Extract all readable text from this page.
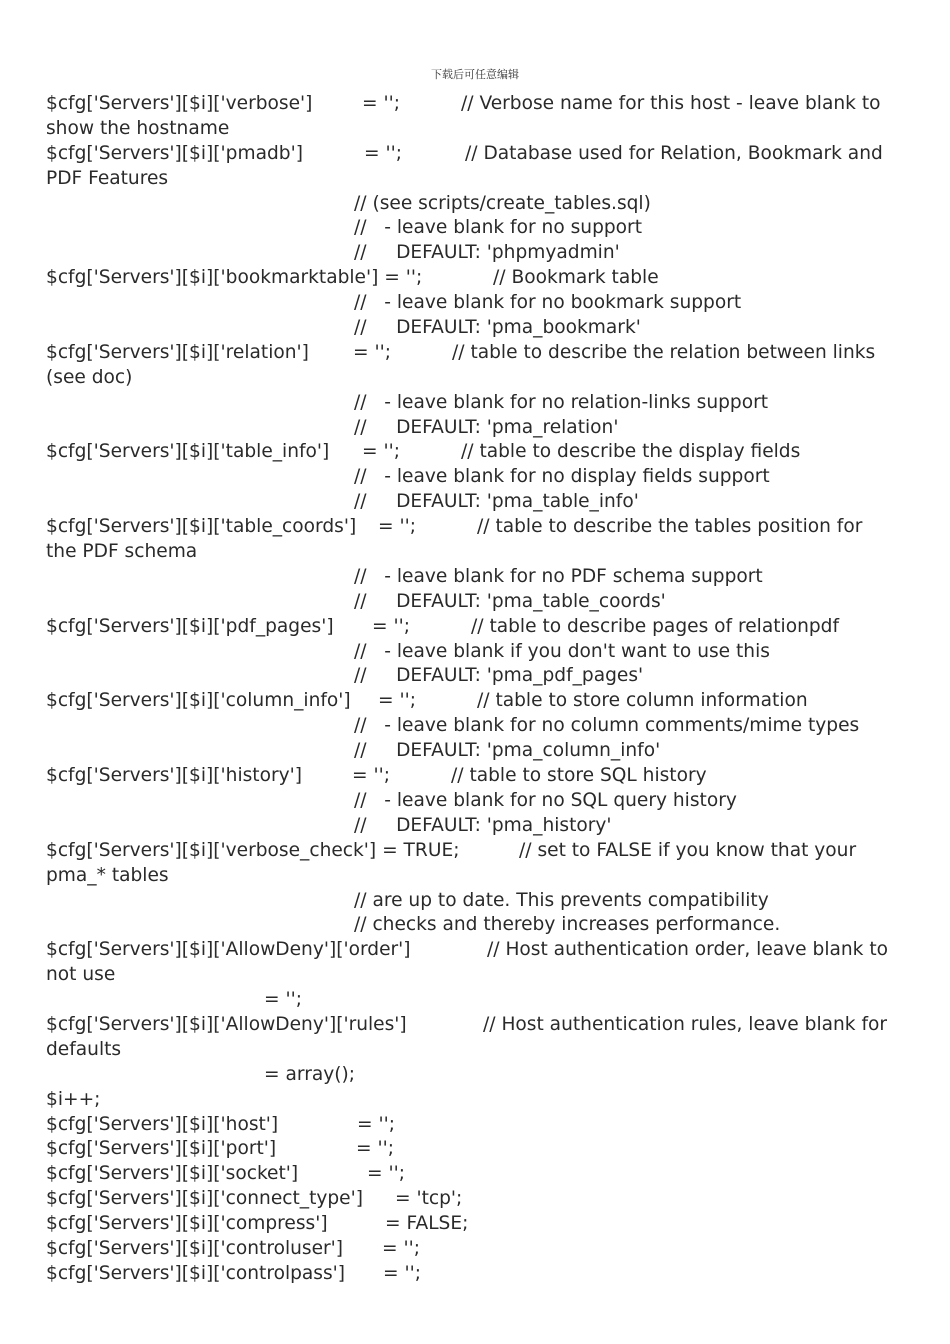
下载后可任意编辑
$cfg['Servers'][$i]['verbose']	= '';	// Verbose name for this host - leave blank to
show the hostname
$cfg['Servers'][$i]['pmadb']	= '';	// Database used for Relation, Bookmark and
PDF Features
// (see scripts/create_tables.sql)
//   - leave blank for no support
//     DEFAULT: 'phpmyadmin'
$cfg['Servers'][$i]['bookmarktable'] = '';	// Bookmark table
//   - leave blank for no bookmark support
//     DEFAULT: 'pma_bookmark'
$cfg['Servers'][$i]['relation'] = '';	// table to describe the relation between links
(see doc)
//   - leave blank for no relation-links support
//     DEFAULT: 'pma_relation'
$cfg['Servers'][$i]['table_info'] = '';	// table to describe the display fields
//   - leave blank for no display fields support
//     DEFAULT: 'pma_table_info'
$cfg['Servers'][$i]['table_coords'] = '';	// table to describe the tables position for
the PDF schema
//   - leave blank for no PDF schema support
//     DEFAULT: 'pma_table_coords'
$cfg['Servers'][$i]['pdf_pages'] = '';	// table to describe pages of relationpdf
//   - leave blank if you don't want to use this
//     DEFAULT: 'pma_pdf_pages'
$cfg['Servers'][$i]['column_info'] = '';	// table to store column information
//   - leave blank for no column comments/mime types
//     DEFAULT: 'pma_column_info'
$cfg['Servers'][$i]['history']	= '';	// table to store SQL history
//   - leave blank for no SQL query history
//     DEFAULT: 'pma_history'
$cfg['Servers'][$i]['verbose_check'] = TRUE;	// set to FALSE if you know that your
pma_* tables
// are up to date. This prevents compatibility
// checks and thereby increases performance.
$cfg['Servers'][$i]['AllowDeny']['order']	// Host authentication order, leave blank to
not use
= '';
$cfg['Servers'][$i]['AllowDeny']['rules']	// Host authentication rules, leave blank for
defaults
= array();
$i++;
$cfg['Servers'][$i]['host']	= '';
$cfg['Servers'][$i]['port']	= '';
$cfg['Servers'][$i]['socket']	= '';
$cfg['Servers'][$i]['connect_type'] = 'tcp';
$cfg['Servers'][$i]['compress']	= FALSE;
$cfg['Servers'][$i]['controluser'] = '';
$cfg['Servers'][$i]['controlpass'] = '';
